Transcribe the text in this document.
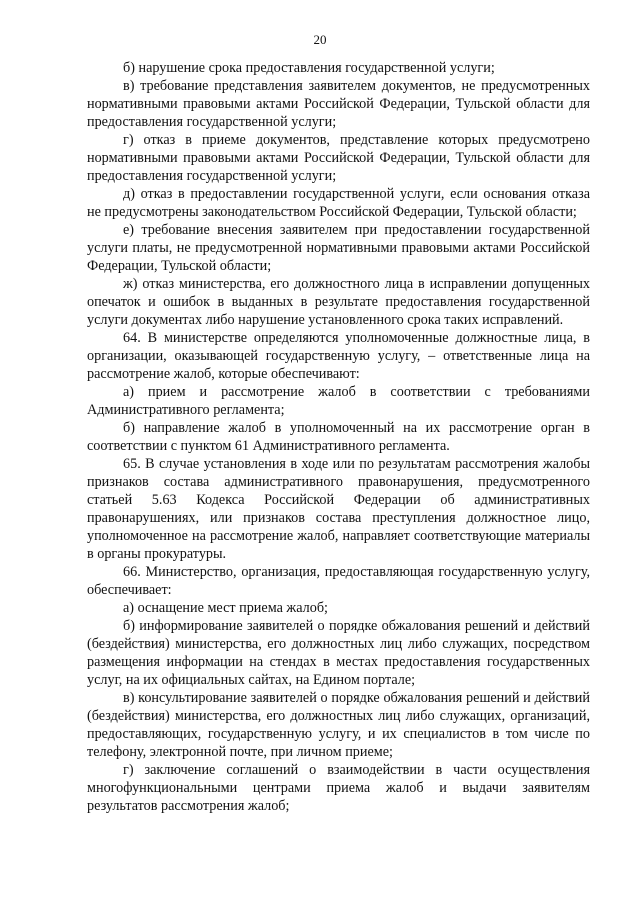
20

б) нарушение срока предоставления государственной услуги;

в) требование представления заявителем документов, не предусмотренных нормативными правовыми актами Российской Федерации, Тульской области для предоставления государственной услуги;

г) отказ в приеме документов, представление которых предусмотрено нормативными правовыми актами Российской Федерации, Тульской области для предоставления государственной услуги;

д) отказ в предоставлении государственной услуги, если основания отказа не предусмотрены законодательством Российской Федерации, Тульской области;

е) требование внесения заявителем при предоставлении государственной услуги платы, не предусмотренной нормативными правовыми актами Российской Федерации, Тульской области;

ж) отказ министерства, его должностного лица в исправлении допущенных опечаток и ошибок в выданных в результате предоставления государственной услуги документах либо нарушение установленного срока таких исправлений.

64. В министерстве определяются уполномоченные должностные лица, в организации, оказывающей государственную услугу, – ответственные лица на рассмотрение жалоб, которые обеспечивают:

а) прием и рассмотрение жалоб в соответствии с требованиями Административного регламента;

б) направление жалоб в уполномоченный на их рассмотрение орган в соответствии с пунктом 61 Административного регламента.

65. В случае установления в ходе или по результатам рассмотрения жалобы признаков состава административного правонарушения, предусмотренного статьей 5.63 Кодекса Российской Федерации об административных правонарушениях, или признаков состава преступления должностное лицо, уполномоченное на рассмотрение жалоб, направляет соответствующие материалы в органы прокуратуры.

66. Министерство, организация, предоставляющая государственную услугу, обеспечивает:

а) оснащение мест приема жалоб;

б) информирование заявителей о порядке обжалования решений и действий (бездействия) министерства, его должностных лиц либо служащих, посредством размещения информации на стендах в местах предоставления государственных услуг, на их официальных сайтах, на Едином портале;

в) консультирование заявителей о порядке обжалования решений и действий (бездействия) министерства, его должностных лиц либо служащих, организаций, предоставляющих, государственную услугу, и их специалистов в том числе по телефону, электронной почте, при личном приеме;

г) заключение соглашений о взаимодействии в части осуществления многофункциональными центрами приема жалоб и выдачи заявителям результатов рассмотрения жалоб;
